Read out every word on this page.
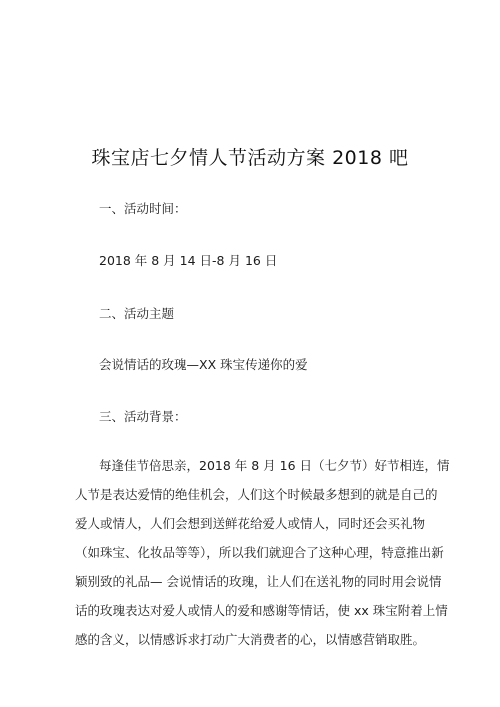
珠宝店七夕情人节活动方案 2018 吧
一、活动时间：
2018 年 8 月 14 日-8 月 16 日
二、活动主题
会说情话的玫瑰—XX 珠宝传递你的爱
三、活动背景：
每逢佳节倍思亲，2018 年 8 月 16 日（七夕节）好节相连，情
人节是表达爱情的绝佳机会，人们这个时候最多想到的就是自己的
爱人或情人，人们会想到送鲜花给爱人或情人，同时还会买礼物
（如珠宝、化妆品等等），所以我们就迎合了这种心理，特意推出新
颖别致的礼品— 会说情话的玫瑰，让人们在送礼物的同时用会说情
话的玫瑰表达对爱人或情人的爱和感谢等情话，使 xx 珠宝附着上情
感的含义，以情感诉求打动广大消费者的心，以情感营销取胜。
